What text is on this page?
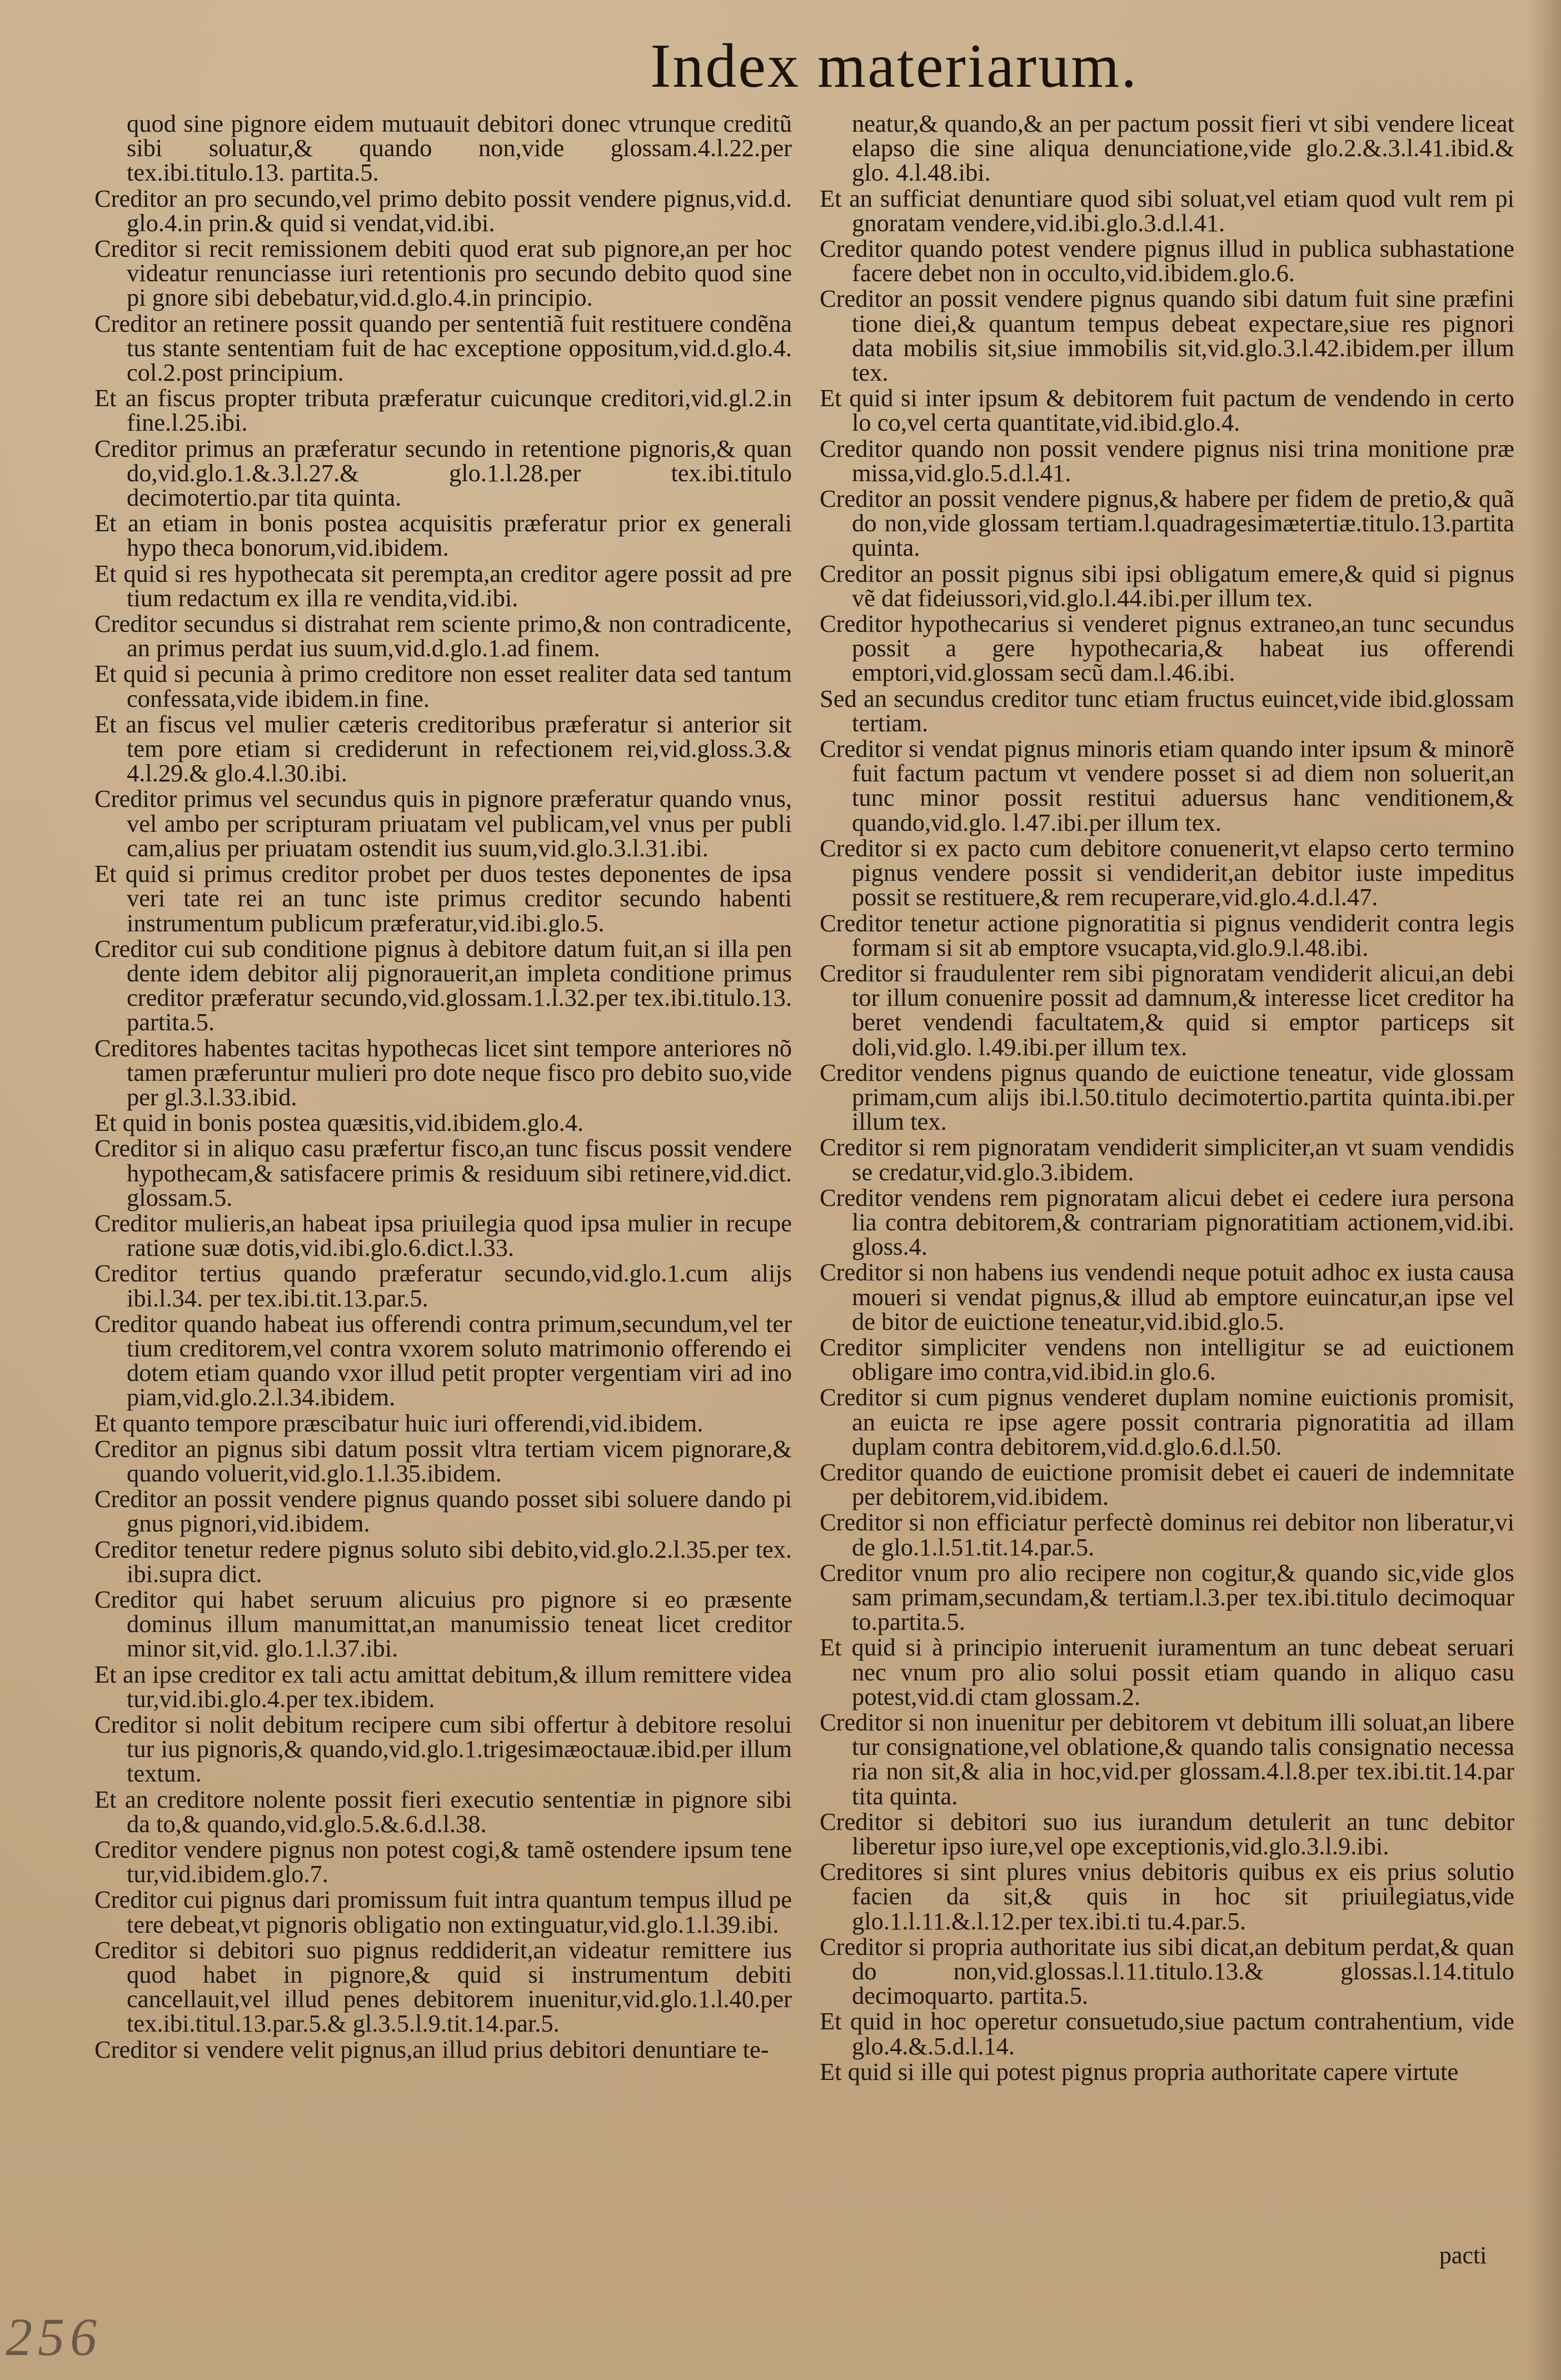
Index materiarum.

quod sine pignore eidem mutuauit debitori donec vtrunque creditũ sibi soluatur,& quando non,vide glossam.4.l.22.per tex.ibi.titulo.13. partita.5.

Creditor an pro secundo,vel primo debito possit vendere pignus,vid.d. glo.4.in prin.& quid si vendat,vid.ibi.

Creditor si recit remissionem debiti quod erat sub pignore,an per hoc videatur renunciasse iuri retentionis pro secundo debito quod sine pi gnore sibi debebatur,vid.d.glo.4.in principio.

Creditor an retinere possit quando per sententiã fuit restituere condẽna tus stante sententiam fuit de hac exceptione oppositum,vid.d.glo.4. col.2.post principium.

Et an fiscus propter tributa præferatur cuicunque creditori,vid.gl.2.in fine.l.25.ibi.

Creditor primus an præferatur secundo in retentione pignoris,& quan do,vid.glo.1.&.3.l.27.& glo.1.l.28.per tex.ibi.titulo decimotertio.par tita quinta.

Et an etiam in bonis postea acquisitis præferatur prior ex generali hypo theca bonorum,vid.ibidem.

Et quid si res hypothecata sit perempta,an creditor agere possit ad pre tium redactum ex illa re vendita,vid.ibi.

Creditor secundus si distrahat rem sciente primo,& non contradicente, an primus perdat ius suum,vid.d.glo.1.ad finem.

Et quid si pecunia à primo creditore non esset realiter data sed tantum confessata,vide ibidem.in fine.

Et an fiscus vel mulier cæteris creditoribus præferatur si anterior sit tem pore etiam si crediderunt in refectionem rei,vid.gloss.3.& 4.l.29.& glo.4.l.30.ibi.

Creditor primus vel secundus quis in pignore præferatur quando vnus, vel ambo per scripturam priuatam vel publicam,vel vnus per publi cam,alius per priuatam ostendit ius suum,vid.glo.3.l.31.ibi.

Et quid si primus creditor probet per duos testes deponentes de ipsa veri tate rei an tunc iste primus creditor secundo habenti instrumentum publicum præferatur,vid.ibi.glo.5.

Creditor cui sub conditione pignus à debitore datum fuit,an si illa pen dente idem debitor alij pignorauerit,an impleta conditione primus creditor præferatur secundo,vid.glossam.1.l.32.per tex.ibi.titulo.13. partita.5.

Creditores habentes tacitas hypothecas licet sint tempore anteriores nõ tamen præferuntur mulieri pro dote neque fisco pro debito suo,vide per gl.3.l.33.ibid.

Et quid in bonis postea quæsitis,vid.ibidem.glo.4.

Creditor si in aliquo casu præfertur fisco,an tunc fiscus possit vendere hypothecam,& satisfacere primis & residuum sibi retinere,vid.dict. glossam.5.

Creditor mulieris,an habeat ipsa priuilegia quod ipsa mulier in recupe ratione suæ dotis,vid.ibi.glo.6.dict.l.33.

Creditor tertius quando præferatur secundo,vid.glo.1.cum alijs ibi.l.34. per tex.ibi.tit.13.par.5.

Creditor quando habeat ius offerendi contra primum,secundum,vel ter tium creditorem,vel contra vxorem soluto matrimonio offerendo ei dotem etiam quando vxor illud petit propter vergentiam viri ad ino piam,vid.glo.2.l.34.ibidem.

Et quanto tempore præscibatur huic iuri offerendi,vid.ibidem.

Creditor an pignus sibi datum possit vltra tertiam vicem pignorare,& quando voluerit,vid.glo.1.l.35.ibidem.

Creditor an possit vendere pignus quando posset sibi soluere dando pi gnus pignori,vid.ibidem.

Creditor tenetur redere pignus soluto sibi debito,vid.glo.2.l.35.per tex. ibi.supra dict.

Creditor qui habet seruum alicuius pro pignore si eo præsente dominus illum manumittat,an manumissio teneat licet creditor minor sit,vid. glo.1.l.37.ibi.

Et an ipse creditor ex tali actu amittat debitum,& illum remittere videa tur,vid.ibi.glo.4.per tex.ibidem.

Creditor si nolit debitum recipere cum sibi offertur à debitore resolui tur ius pignoris,& quando,vid.glo.1.trigesimæoctauæ.ibid.per illum textum.

Et an creditore nolente possit fieri executio sententiæ in pignore sibi da to,& quando,vid.glo.5.&.6.d.l.38.

Creditor vendere pignus non potest cogi,& tamẽ ostendere ipsum tene tur,vid.ibidem.glo.7.

Creditor cui pignus dari promissum fuit intra quantum tempus illud pe tere debeat,vt pignoris obligatio non extinguatur,vid.glo.1.l.39.ibi.

Creditor si debitori suo pignus reddiderit,an videatur remittere ius quod habet in pignore,& quid si instrumentum debiti cancellauit,vel illud penes debitorem inuenitur,vid.glo.1.l.40.per tex.ibi.titul.13.par.5.& gl.3.5.l.9.tit.14.par.5.

Creditor si vendere velit pignus,an illud prius debitori denuntiare te-

neatur,& quando,& an per pactum possit fieri vt sibi vendere liceat elapso die sine aliqua denunciatione,vide glo.2.&.3.l.41.ibid.& glo. 4.l.48.ibi.

Et an sufficiat denuntiare quod sibi soluat,vel etiam quod vult rem pi gnoratam vendere,vid.ibi.glo.3.d.l.41.

Creditor quando potest vendere pignus illud in publica subhastatione facere debet non in occulto,vid.ibidem.glo.6.

Creditor an possit vendere pignus quando sibi datum fuit sine præfini tione diei,& quantum tempus debeat expectare,siue res pignori data mobilis sit,siue immobilis sit,vid.glo.3.l.42.ibidem.per illum tex.

Et quid si inter ipsum & debitorem fuit pactum de vendendo in certo lo co,vel certa quantitate,vid.ibid.glo.4.

Creditor quando non possit vendere pignus nisi trina monitione præ missa,vid.glo.5.d.l.41.

Creditor an possit vendere pignus,& habere per fidem de pretio,& quã do non,vide glossam tertiam.l.quadragesimætertiæ.titulo.13.partita quinta.

Creditor an possit pignus sibi ipsi obligatum emere,& quid si pignus vẽ dat fideiussori,vid.glo.l.44.ibi.per illum tex.

Creditor hypothecarius si venderet pignus extraneo,an tunc secundus possit a gere hypothecaria,& habeat ius offerendi emptori,vid.glossam secũ dam.l.46.ibi.

Sed an secundus creditor tunc etiam fructus euincet,vide ibid.glossam tertiam.

Creditor si vendat pignus minoris etiam quando inter ipsum & minorẽ fuit factum pactum vt vendere posset si ad diem non soluerit,an tunc minor possit restitui aduersus hanc venditionem,& quando,vid.glo. l.47.ibi.per illum tex.

Creditor si ex pacto cum debitore conuenerit,vt elapso certo termino pignus vendere possit si vendiderit,an debitor iuste impeditus possit se restituere,& rem recuperare,vid.glo.4.d.l.47.

Creditor tenetur actione pignoratitia si pignus vendiderit contra legis formam si sit ab emptore vsucapta,vid.glo.9.l.48.ibi.

Creditor si fraudulenter rem sibi pignoratam vendiderit alicui,an debi tor illum conuenire possit ad damnum,& interesse licet creditor ha beret vendendi facultatem,& quid si emptor particeps sit doli,vid.glo. l.49.ibi.per illum tex.

Creditor vendens pignus quando de euictione teneatur, vide glossam primam,cum alijs ibi.l.50.titulo decimotertio.partita quinta.ibi.per illum tex.

Creditor si rem pignoratam vendiderit simpliciter,an vt suam vendidis se credatur,vid.glo.3.ibidem.

Creditor vendens rem pignoratam alicui debet ei cedere iura persona lia contra debitorem,& contrariam pignoratitiam actionem,vid.ibi. gloss.4.

Creditor si non habens ius vendendi neque potuit adhoc ex iusta causa moueri si vendat pignus,& illud ab emptore euincatur,an ipse vel de bitor de euictione teneatur,vid.ibid.glo.5.

Creditor simpliciter vendens non intelligitur se ad euictionem obligare imo contra,vid.ibid.in glo.6.

Creditor si cum pignus venderet duplam nomine euictionis promisit, an euicta re ipse agere possit contraria pignoratitia ad illam duplam contra debitorem,vid.d.glo.6.d.l.50.

Creditor quando de euictione promisit debet ei caueri de indemnitate per debitorem,vid.ibidem.

Creditor si non efficiatur perfectè dominus rei debitor non liberatur,vi de glo.1.l.51.tit.14.par.5.

Creditor vnum pro alio recipere non cogitur,& quando sic,vide glos sam primam,secundam,& tertiam.l.3.per tex.ibi.titulo decimoquar to.partita.5.

Et quid si à principio interuenit iuramentum an tunc debeat seruari nec vnum pro alio solui possit etiam quando in aliquo casu potest,vid.di ctam glossam.2.

Creditor si non inuenitur per debitorem vt debitum illi soluat,an libere tur consignatione,vel oblatione,& quando talis consignatio necessa ria non sit,& alia in hoc,vid.per glossam.4.l.8.per tex.ibi.tit.14.par tita quinta.

Creditor si debitori suo ius iurandum detulerit an tunc debitor liberetur ipso iure,vel ope exceptionis,vid.glo.3.l.9.ibi.

Creditores si sint plures vnius debitoris quibus ex eis prius solutio facien da sit,& quis in hoc sit priuilegiatus,vide glo.1.l.11.&.l.12.per tex.ibi.ti tu.4.par.5.

Creditor si propria authoritate ius sibi dicat,an debitum perdat,& quan do non,vid.glossas.l.11.titulo.13.& glossas.l.14.titulo decimoquarto. partita.5.

Et quid in hoc operetur consuetudo,siue pactum contrahentium, vide glo.4.&.5.d.l.14.

Et quid si ille qui potest pignus propria authoritate capere virtute

pacti
256
